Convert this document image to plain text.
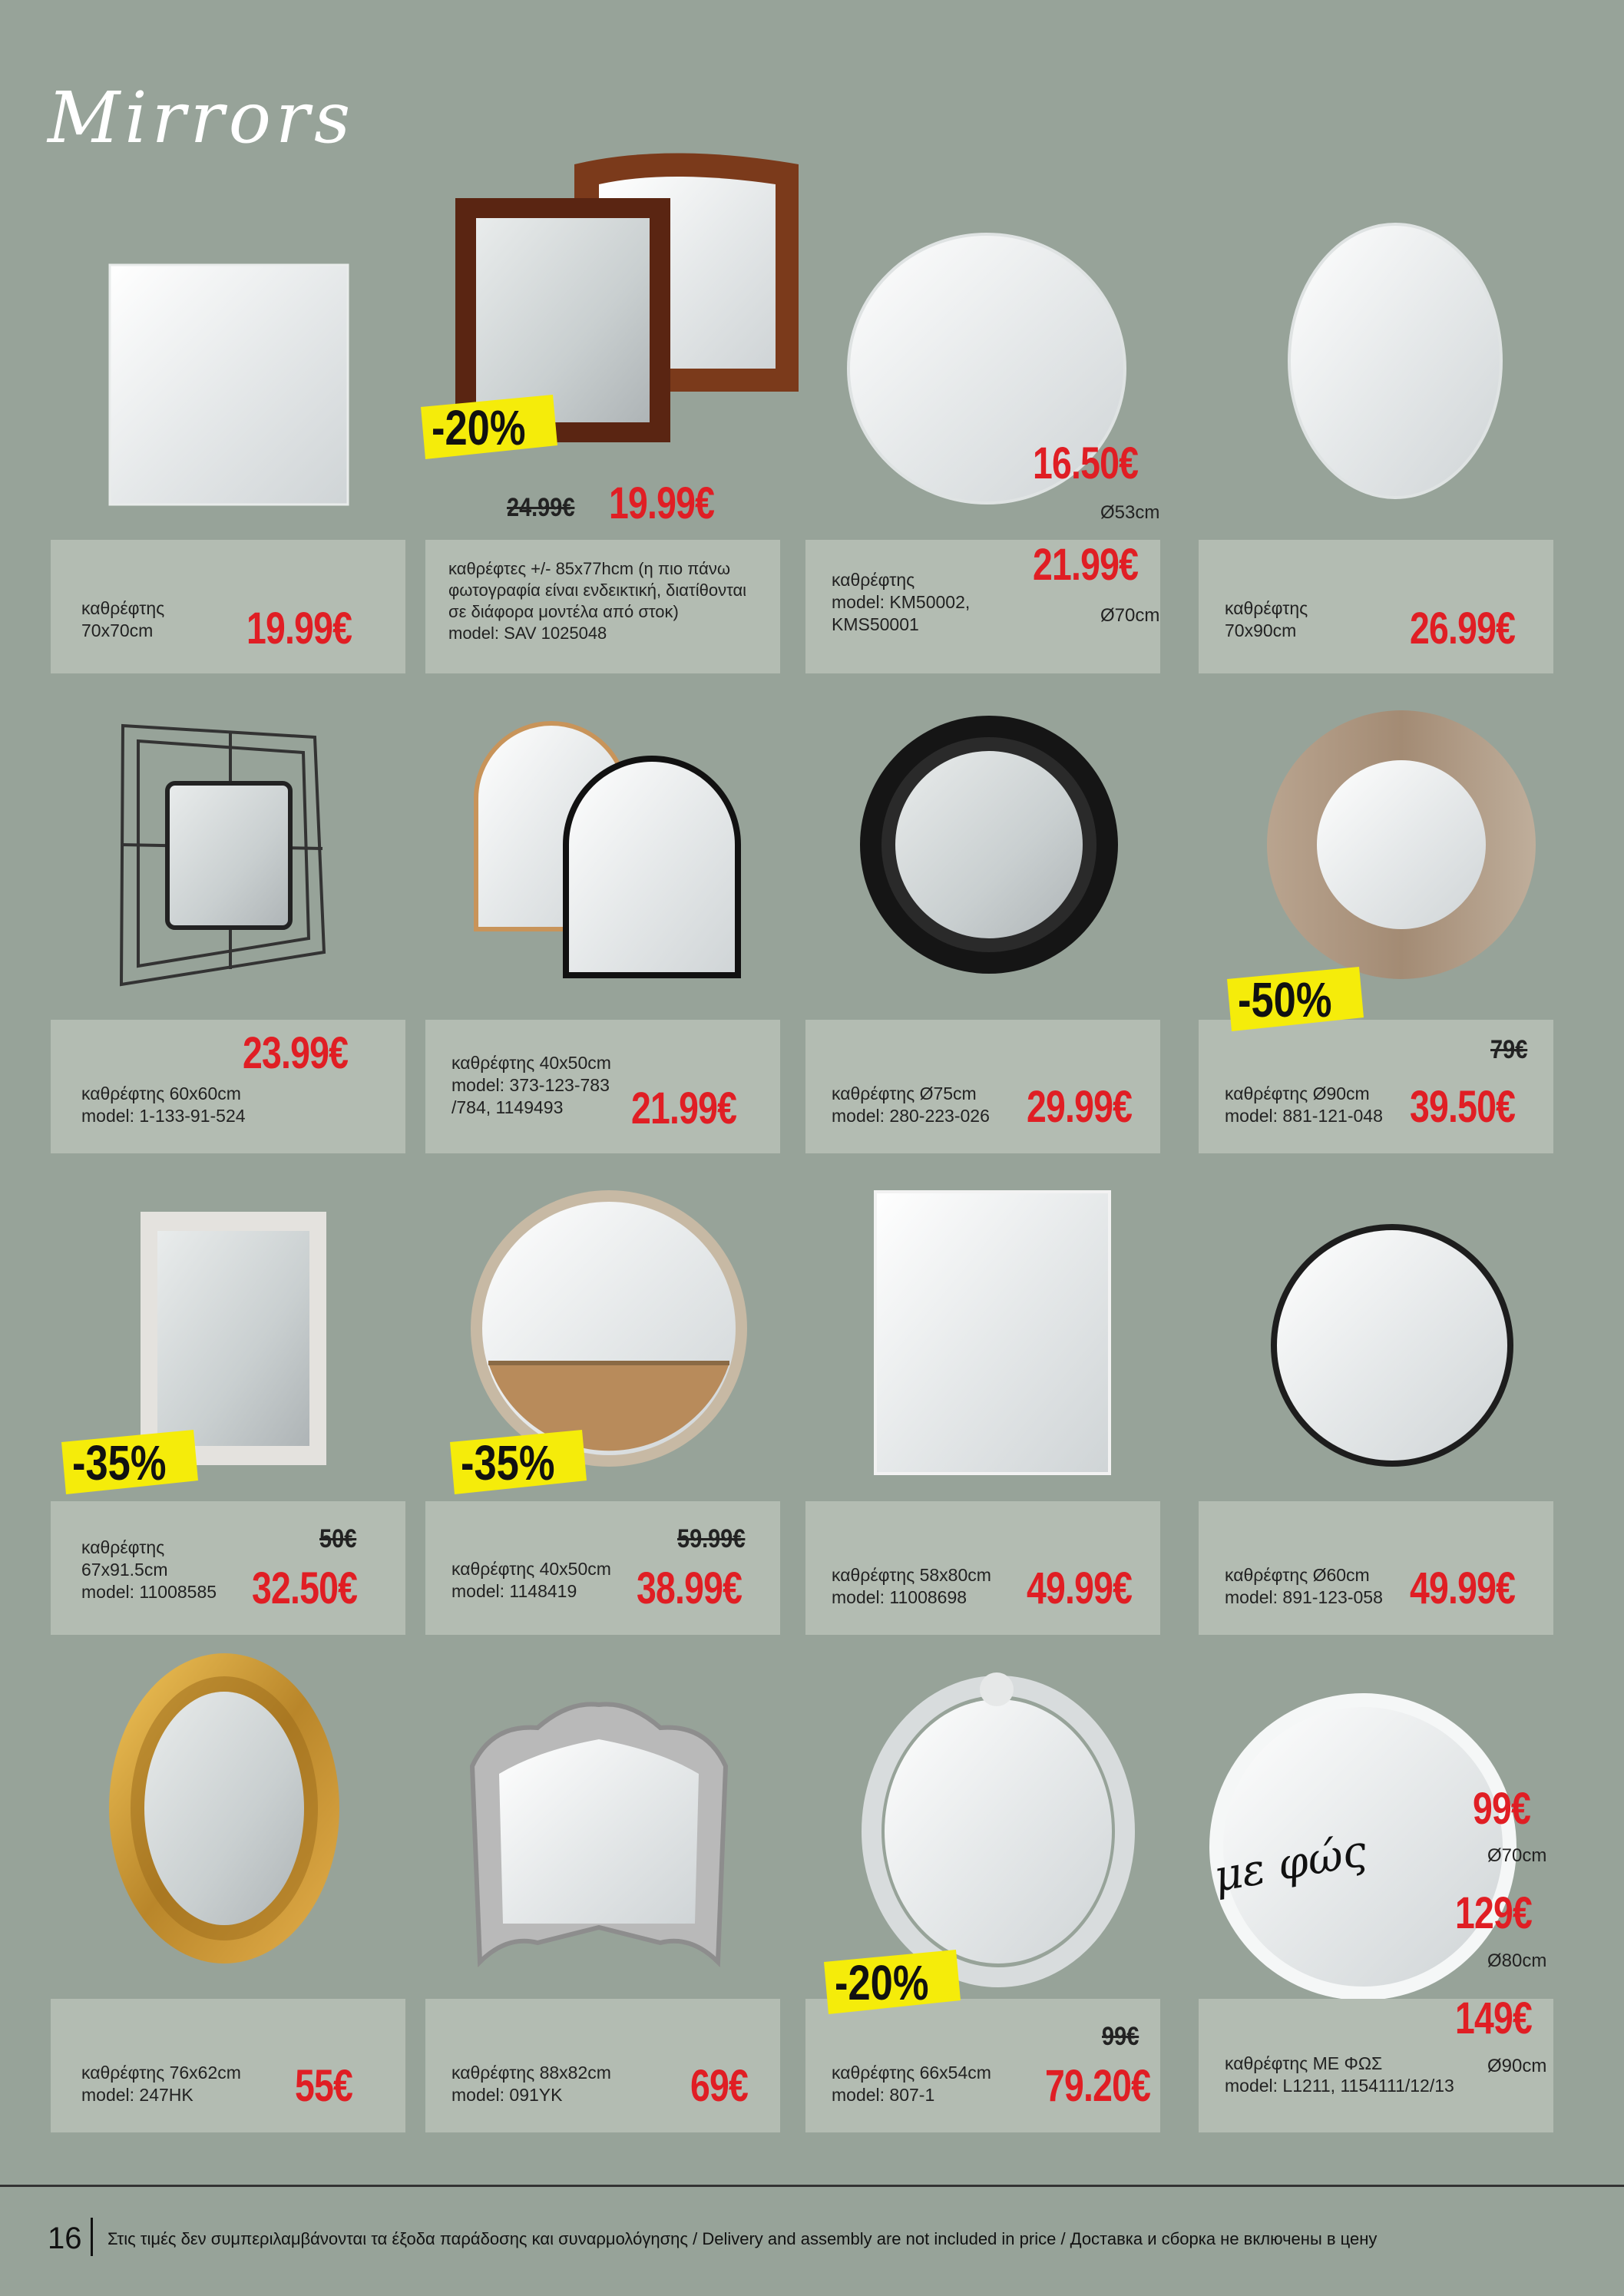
Mirrors
με φώς
καθρέφτης
70x70cm 19.99€
καθρέφτες +/- 85x77hcm (η πιο πάνω
φωτογραφία είναι ενδεικτική, διατίθονται
σε διάφορα μοντέλα από στοκ)
model: SAV 1025048
24.99€ 19.99€
καθρέφτης
model: KM50002,
KMS50001
16.50€
Ø53cm
21.99€
Ø70cm	καθρέφτης
70x90cm	26.99€
καθρέφτης 60x60cm
model: 1-133-91-524
23.99€	καθρέφτης 40x50cm
model: 373-123-783
/784, 1149493	21.99€	καθρέφτης Ø75cm
model: 280-223-026 29.99€	καθρέφτης Ø90cm
model: 881-121-048
79€
39.50€
καθρέφτης
67x91.5cm
model: 11008585
50€
32.50€	καθρέφτης 40x50cm
model: 1148419
59.99€
38.99€	καθρέφτης 58x80cm
model: 11008698	49.99€	καθρέφτης Ø60cm
model: 891-123-058 49.99€
καθρέφτης 76x62cm
model: 247HK	55€	καθρέφτης 88x82cm
model: 091YK	69€	καθρέφτης 66x54cm
model: 807-1
99€
79.20€	καθρέφτης ΜΕ ΦΩΣ
model: L1211, 1154111/12/13
99€
Ø70cm
129€
Ø80cm
149€
Ø90cm
-20%
-50%
-35%	-35%
-20%
16 Στις τιμές δεν συμπεριλαμβάνονται τα έξοδα παράδοσης και συναρμολόγησης / Delivery and assembly are not included in price / Доставка и сборка не включены в цену
